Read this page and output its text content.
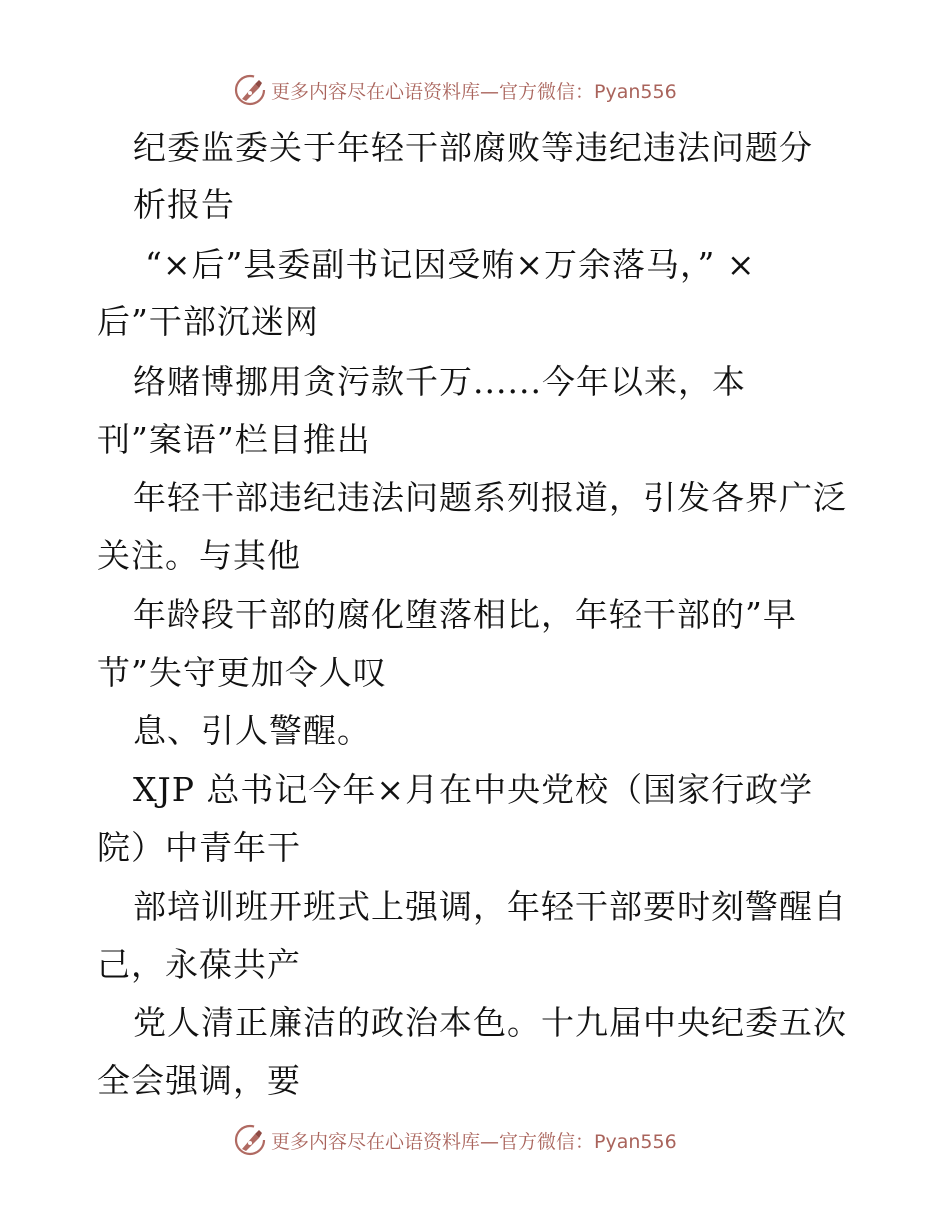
更多内容尽在心语资料库—官方微信：Pyan556
纪委监委关于年轻干部腐败等违纪违法问题分
析报告
“×后”县委副书记因受贿×万余落马，” ×
后”干部沉迷网
络赌博挪用贪污款千万......今年以来，本
刊”案语”栏目推出
年轻干部违纪违法问题系列报道，引发各界广泛
关注。与其他
年龄段干部的腐化堕落相比，年轻干部的”早
节”失守更加令人叹
息、引人警醒。
XJP 总书记今年×月在中央党校（国家行政学
院）中青年干
部培训班开班式上强调，年轻干部要时刻警醒自
己，永葆共产
党人清正廉洁的政治本色。十九届中央纪委五次
全会强调，要
更多内容尽在心语资料库—官方微信：Pyan556
